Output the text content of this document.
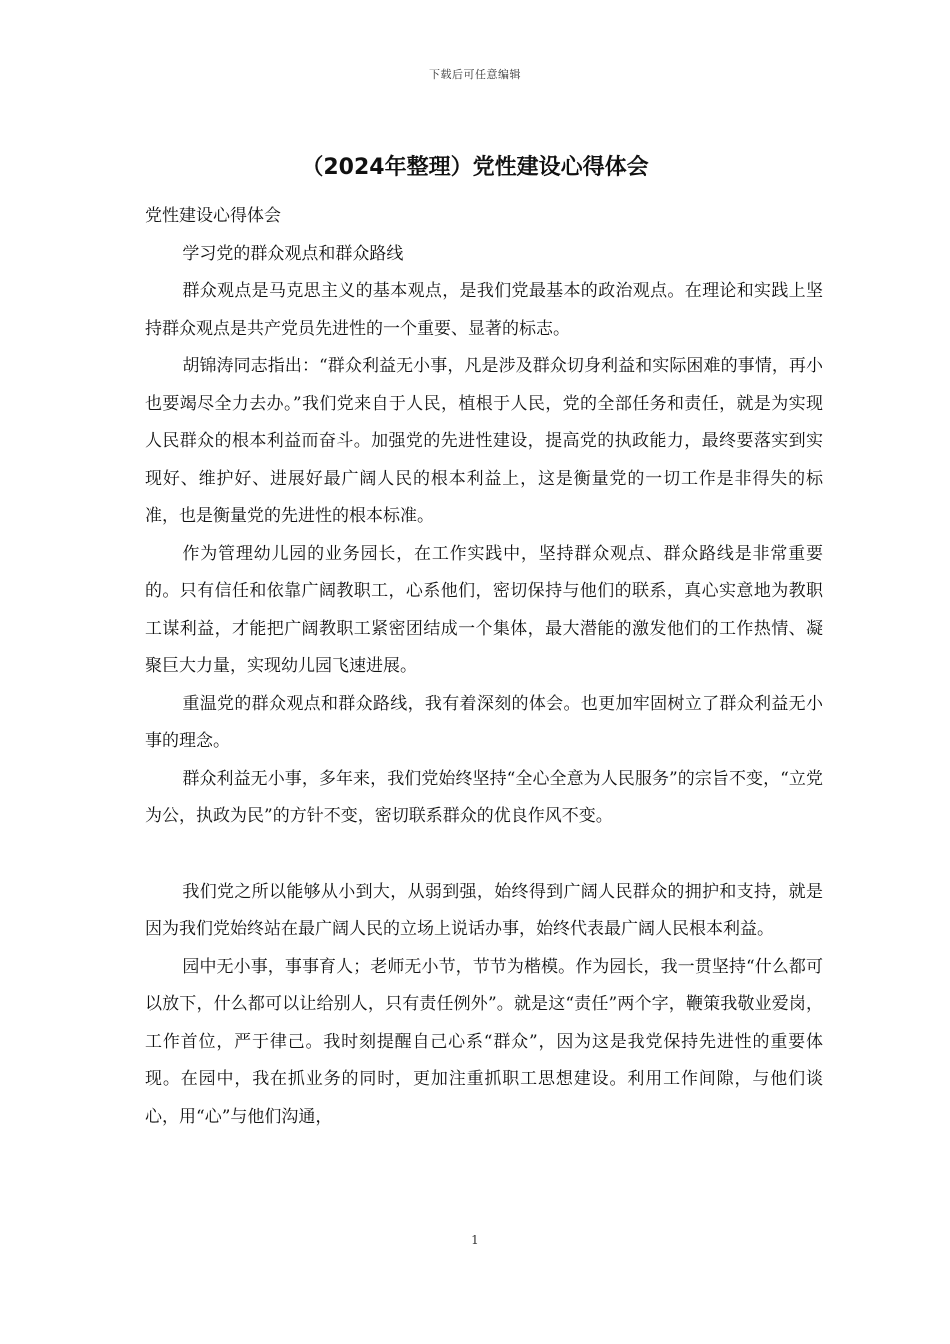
下载后可任意编辑
（2024年整理）党性建设心得体会

党性建设心得体会

学习党的群众观点和群众路线

群众观点是马克思主义的基本观点，是我们党最基本的政治观点。在理论和实践上坚持群众观点是共产党员先进性的一个重要、显著的标志。

胡锦涛同志指出：“群众利益无小事，凡是涉及群众切身利益和实际困难的事情，再小也要竭尽全力去办。”我们党来自于人民，植根于人民，党的全部任务和责任，就是为实现人民群众的根本利益而奋斗。加强党的先进性建设，提高党的执政能力，最终要落实到实现好、维护好、进展好最广阔人民的根本利益上，这是衡量党的一切工作是非得失的标准，也是衡量党的先进性的根本标准。

作为管理幼儿园的业务园长，在工作实践中，坚持群众观点、群众路线是非常重要的。只有信任和依靠广阔教职工，心系他们，密切保持与他们的联系，真心实意地为教职工谋利益，才能把广阔教职工紧密团结成一个集体，最大潜能的激发他们的工作热情、凝聚巨大力量，实现幼儿园飞速进展。

重温党的群众观点和群众路线，我有着深刻的体会。也更加牢固树立了群众利益无小事的理念。

群众利益无小事，多年来，我们党始终坚持“全心全意为人民服务”的宗旨不变，“立党为公，执政为民”的方针不变，密切联系群众的优良作风不变。

我们党之所以能够从小到大，从弱到强，始终得到广阔人民群众的拥护和支持，就是因为我们党始终站在最广阔人民的立场上说话办事，始终代表最广阔人民根本利益。

园中无小事，事事育人；老师无小节，节节为楷模。作为园长，我一贯坚持“什么都可以放下，什么都可以让给别人，只有责任例外”。就是这“责任”两个字，鞭策我敬业爱岗，工作首位，严于律己。我时刻提醒自己心系“群众”，因为这是我党保持先进性的重要体现。在园中，我在抓业务的同时，更加注重抓职工思想建设。利用工作间隙，与他们谈心，用“心”与他们沟通，

1
